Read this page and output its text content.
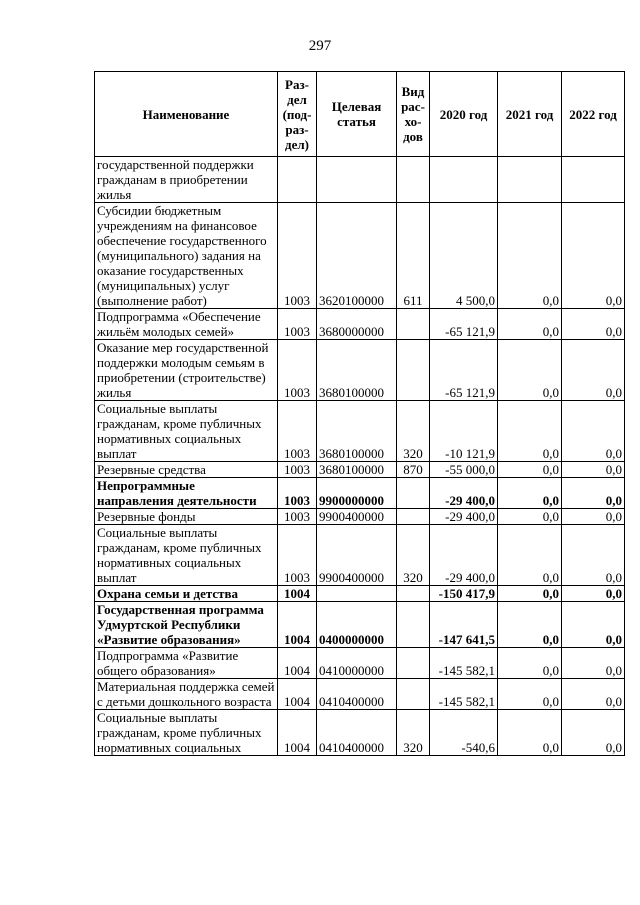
297
Наименование	Раз- дел (под- раз- дел)	Целевая статья	Вид рас- хо- дов	2020 год	2021 год	2022 год
государственной поддержки гражданам в приобретении жилья						
Субсидии бюджетным учреждениям на финансовое обеспечение государственного (муниципального) задания на оказание государственных (муниципальных) услуг (выполнение работ)	1003	3620100000	611	4 500,0	0,0	0,0
Подпрограмма «Обеспечение жильём молодых семей»	1003	3680000000		-65 121,9	0,0	0,0
Оказание мер государственной поддержки молодым семьям в приобретении (строительстве) жилья	1003	3680100000		-65 121,9	0,0	0,0
Социальные выплаты гражданам, кроме публичных нормативных социальных выплат	1003	3680100000	320	-10 121,9	0,0	0,0
Резервные средства	1003	3680100000	870	-55 000,0	0,0	0,0
Непрограммные направления деятельности	1003	9900000000		-29 400,0	0,0	0,0
Резервные фонды	1003	9900400000		-29 400,0	0,0	0,0
Социальные выплаты гражданам, кроме публичных нормативных социальных выплат	1003	9900400000	320	-29 400,0	0,0	0,0
Охрана семьи и детства	1004			-150 417,9	0,0	0,0
Государственная программа Удмуртской Республики «Развитие образования»	1004	0400000000		-147 641,5	0,0	0,0
Подпрограмма «Развитие общего образования»	1004	0410000000		-145 582,1	0,0	0,0
Материальная поддержка семей с детьми дошкольного возраста	1004	0410400000		-145 582,1	0,0	0,0
Социальные выплаты гражданам, кроме публичных нормативных социальных	1004	0410400000	320	-540,6	0,0	0,0
